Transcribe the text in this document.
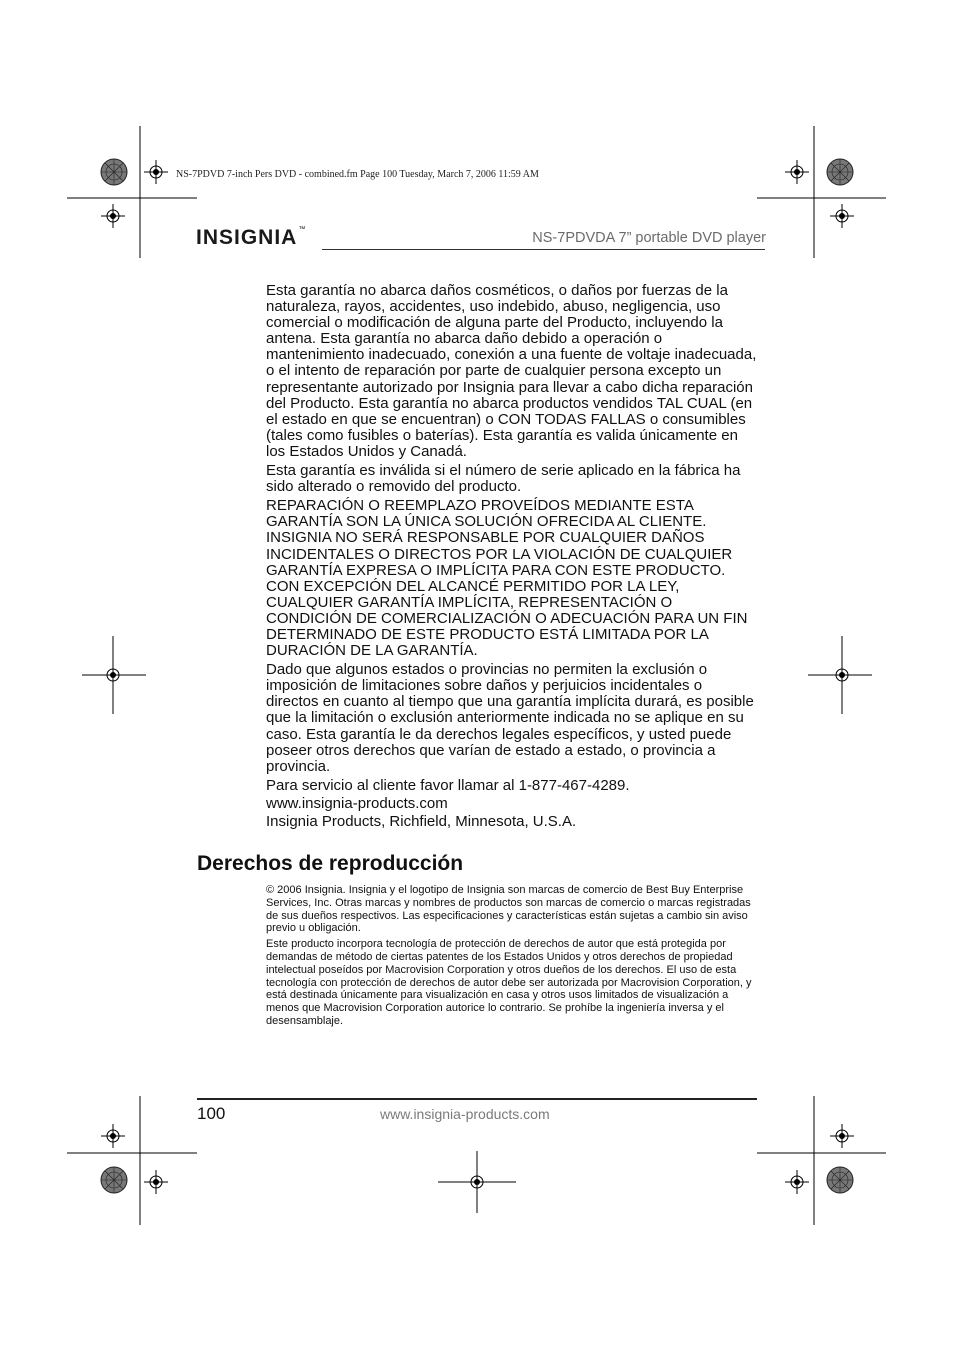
NS-7PDVD 7-inch Pers DVD - combined.fm Page 100 Tuesday, March 7, 2006 11:59 AM
INSIGNIA™
NS-7PDVDA 7” portable DVD player

Esta garantía no abarca daños cosméticos, o daños por fuerzas de la naturaleza, rayos, accidentes, uso indebido, abuso, negligencia, uso comercial o modificación de alguna parte del Producto, incluyendo la antena. Esta garantía no abarca daño debido a operación o mantenimiento inadecuado, conexión a una fuente de voltaje inadecuada, o el intento de reparación por parte de cualquier persona excepto un representante autorizado por Insignia para llevar a cabo dicha reparación del Producto. Esta garantía no abarca productos vendidos TAL CUAL (en el estado en que se encuentran) o CON TODAS FALLAS o consumibles (tales como fusibles o baterías). Esta garantía es valida únicamente en los Estados Unidos y Canadá.

Esta garantía es inválida si el número de serie aplicado en la fábrica ha sido alterado o removido del producto.

REPARACIÓN O REEMPLAZO PROVEÍDOS MEDIANTE ESTA GARANTÍA SON LA ÚNICA SOLUCIÓN OFRECIDA AL CLIENTE. INSIGNIA NO SERÁ RESPONSABLE POR CUALQUIER DAÑOS INCIDENTALES O DIRECTOS POR LA VIOLACIÓN DE CUALQUIER GARANTÍA EXPRESA O IMPLÍCITA PARA CON ESTE PRODUCTO. CON EXCEPCIÓN DEL ALCANCÉ PERMITIDO POR LA LEY, CUALQUIER GARANTÍA IMPLÍCITA, REPRESENTACIÓN O CONDICIÓN DE COMERCIALIZACIÓN O ADECUACIÓN PARA UN FIN DETERMINADO DE ESTE PRODUCTO ESTÁ LIMITADA POR LA DURACIÓN DE LA GARANTÍA.

Dado que algunos estados o provincias no permiten la exclusión o imposición de limitaciones sobre daños y perjuicios incidentales o directos en cuanto al tiempo que una garantía implícita durará, es posible que la limitación o exclusión anteriormente indicada no se aplique en su caso. Esta garantía le da derechos legales específicos, y usted puede poseer otros derechos que varían de estado a estado, o provincia a provincia.

Para servicio al cliente favor llamar al 1-877-467-4289.

www.insignia-products.com

Insignia Products, Richfield, Minnesota, U.S.A.

Derechos de reproducción

© 2006 Insignia. Insignia y el logotipo de Insignia son marcas de comercio de Best Buy Enterprise Services, Inc. Otras marcas y nombres de productos son marcas de comercio o marcas registradas de sus dueños respectivos. Las especificaciones y características están sujetas a cambio sin aviso previo u obligación.

Este producto incorpora tecnología de protección de derechos de autor que está protegida por demandas de método de ciertas patentes de los Estados Unidos y otros derechos de propiedad intelectual poseídos por Macrovision Corporation y otros dueños de los derechos. El uso de esta tecnología con protección de derechos de autor debe ser autorizada por Macrovision Corporation, y está destinada únicamente para visualización en casa y otros usos limitados de visualización a menos que Macrovision Corporation autorice lo contrario. Se prohíbe la ingeniería inversa y el desensamblaje.

100	www.insignia-products.com
